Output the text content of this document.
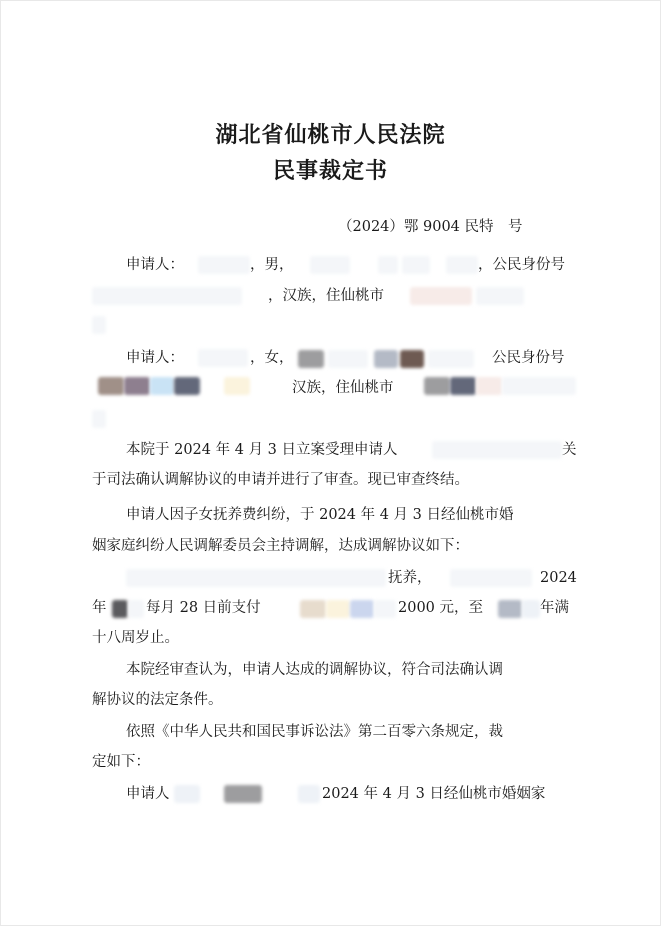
湖北省仙桃市人民法院
民事裁定书
（2024）鄂 9004 民特　号
申请人：	，男，	，公民身份号
，汉族，住仙桃市
申请人：	，女，	公民身份号
汉族，住仙桃市
本院于 2024 年 4 月 3 日立案受理申请人	关
于司法确认调解协议的申请并进行了审查。现已审查终结。
申请人因子女抚养费纠纷，于 2024 年 4 月 3 日经仙桃市婚
姻家庭纠纷人民调解委员会主持调解，达成调解协议如下：
抚养，	2024
年	每月 28 日前支付	2000 元，至	年满
十八周岁止。
本院经审查认为，申请人达成的调解协议，符合司法确认调
解协议的法定条件。
依照《中华人民共和国民事诉讼法》第二百零六条规定，裁
定如下：
申请人	2024 年 4 月 3 日经仙桃市婚姻家
